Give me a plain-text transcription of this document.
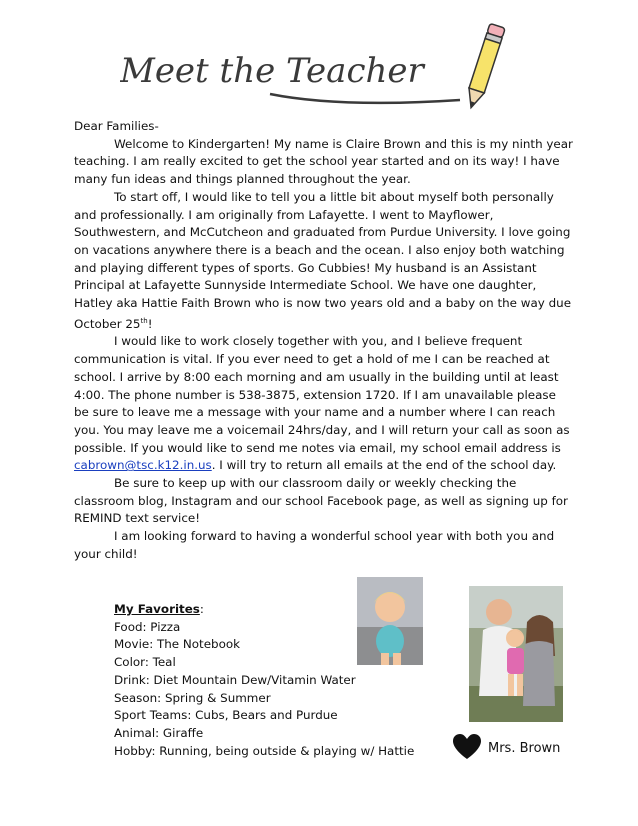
Meet the Teacher

Dear Families-

Welcome to Kindergarten! My name is Claire Brown and this is my ninth year teaching. I am really excited to get the school year started and on its way! I have many fun ideas and things planned throughout the year.

To start off, I would like to tell you a little bit about myself both personally and professionally. I am originally from Lafayette. I went to Mayflower, Southwestern, and McCutcheon and graduated from Purdue University. I love going on vacations anywhere there is a beach and the ocean. I also enjoy both watching and playing different types of sports. Go Cubbies! My husband is an Assistant Principal at Lafayette Sunnyside Intermediate School. We have one daughter, Hatley aka Hattie Faith Brown who is now two years old and a baby on the way due October 25th!

I would like to work closely together with you, and I believe frequent communication is vital. If you ever need to get a hold of me I can be reached at school. I arrive by 8:00 each morning and am usually in the building until at least 4:00. The phone number is 538-3875, extension 1720. If I am unavailable please be sure to leave me a message with your name and a number where I can reach you. You may leave me a voicemail 24hrs/day, and I will return your call as soon as possible. If you would like to send me notes via email, my school email address is cabrown@tsc.k12.in.us. I will try to return all emails at the end of the school day.

Be sure to keep up with our classroom daily or weekly checking the classroom blog, Instagram and our school Facebook page, as well as signing up for REMIND text service!

I am looking forward to having a wonderful school year with both you and your child!

My Favorites:
Food: Pizza
Movie: The Notebook
Color: Teal
Drink: Diet Mountain Dew/Vitamin Water
Season: Spring & Summer
Sport Teams: Cubs, Bears and Purdue
Animal: Giraffe
Hobby: Running, being outside & playing w/ Hattie	Mrs. Brown
